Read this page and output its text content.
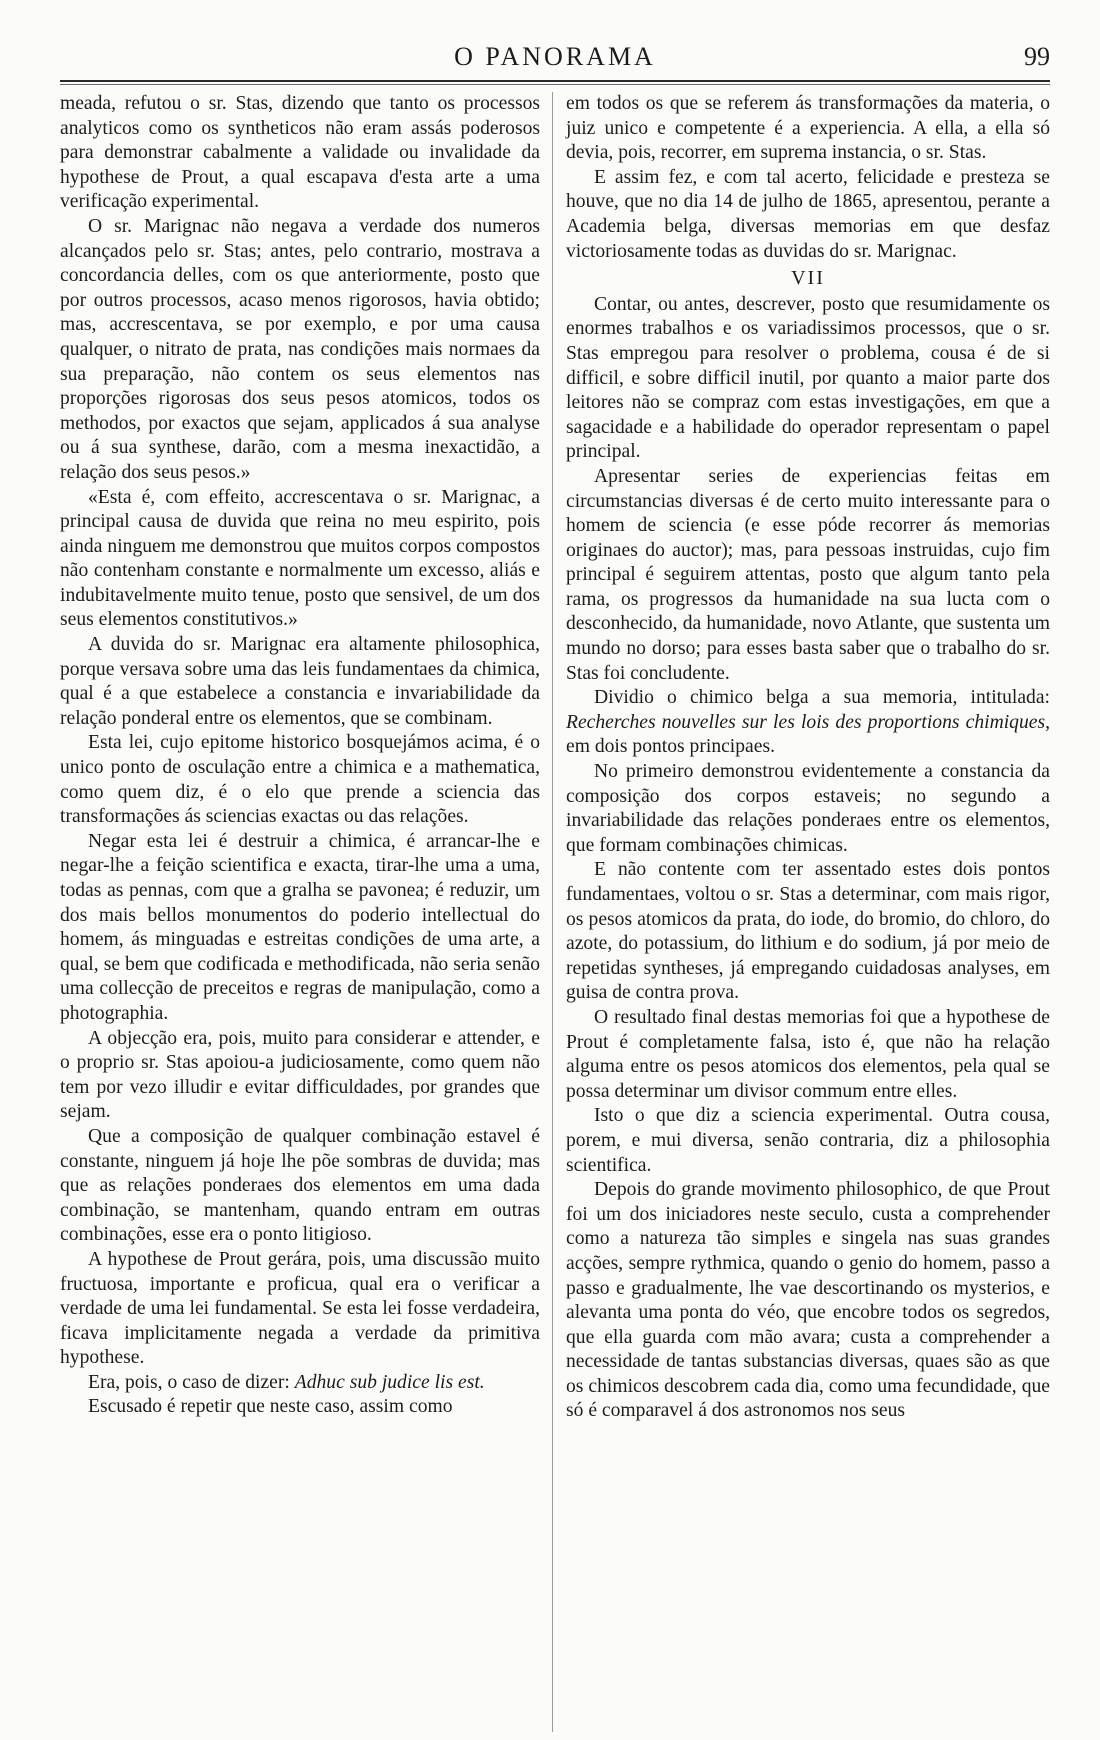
O PANORAMA	99

meada, refutou o sr. Stas, dizendo que tanto os processos analyticos como os syntheticos não eram assás poderosos para demonstrar cabalmente a validade ou invalidade da hypothese de Prout, a qual escapava d'esta arte a uma verificação experimental.

O sr. Marignac não negava a verdade dos numeros alcançados pelo sr. Stas; antes, pelo contrario, mostrava a concordancia delles, com os que anteriormente, posto que por outros processos, acaso menos rigorosos, havia obtido; mas, accrescentava, se por exemplo, e por uma causa qualquer, o nitrato de prata, nas condições mais normaes da sua preparação, não contem os seus elementos nas proporções rigorosas dos seus pesos atomicos, todos os methodos, por exactos que sejam, applicados á sua analyse ou á sua synthese, darão, com a mesma inexactidão, a relação dos seus pesos.»

«Esta é, com effeito, accrescentava o sr. Marignac, a principal causa de duvida que reina no meu espirito, pois ainda ninguem me demonstrou que muitos corpos compostos não contenham constante e normalmente um excesso, aliás e indubitavelmente muito tenue, posto que sensivel, de um dos seus elementos constitutivos.»

A duvida do sr. Marignac era altamente philosophica, porque versava sobre uma das leis fundamentaes da chimica, qual é a que estabelece a constancia e invariabilidade da relação ponderal entre os elementos, que se combinam.

Esta lei, cujo epitome historico bosquejámos acima, é o unico ponto de osculação entre a chimica e a mathematica, como quem diz, é o elo que prende a sciencia das transformações ás sciencias exactas ou das relações.

Negar esta lei é destruir a chimica, é arrancar-lhe e negar-lhe a feição scientifica e exacta, tirar-lhe uma a uma, todas as pennas, com que a gralha se pavonea; é reduzir, um dos mais bellos monumentos do poderio intellectual do homem, ás minguadas e estreitas condições de uma arte, a qual, se bem que codificada e methodificada, não seria senão uma collecção de preceitos e regras de manipulação, como a photographia.

A objecção era, pois, muito para considerar e attender, e o proprio sr. Stas apoiou-a judiciosamente, como quem não tem por vezo illudir e evitar difficuldades, por grandes que sejam.

Que a composição de qualquer combinação estavel é constante, ninguem já hoje lhe põe sombras de duvida; mas que as relações ponderaes dos elementos em uma dada combinação, se mantenham, quando entram em outras combinações, esse era o ponto litigioso.

A hypothese de Prout gerára, pois, uma discussão muito fructuosa, importante e proficua, qual era o verificar a verdade de uma lei fundamental. Se esta lei fosse verdadeira, ficava implicitamente negada a verdade da primitiva hypothese.

Era, pois, o caso de dizer: Adhuc sub judice lis est.

Escusado é repetir que neste caso, assim como

em todos os que se referem ás transformações da materia, o juiz unico e competente é a experiencia. A ella, a ella só devia, pois, recorrer, em suprema instancia, o sr. Stas.

E assim fez, e com tal acerto, felicidade e presteza se houve, que no dia 14 de julho de 1865, apresentou, perante a Academia belga, diversas memorias em que desfaz victoriosamente todas as duvidas do sr. Marignac.

VII

Contar, ou antes, descrever, posto que resumidamente os enormes trabalhos e os variadissimos processos, que o sr. Stas empregou para resolver o problema, cousa é de si difficil, e sobre difficil inutil, por quanto a maior parte dos leitores não se compraz com estas investigações, em que a sagacidade e a habilidade do operador representam o papel principal.

Apresentar series de experiencias feitas em circumstancias diversas é de certo muito interessante para o homem de sciencia (e esse póde recorrer ás memorias originaes do auctor); mas, para pessoas instruidas, cujo fim principal é seguirem attentas, posto que algum tanto pela rama, os progressos da humanidade na sua lucta com o desconhecido, da humanidade, novo Atlante, que sustenta um mundo no dorso; para esses basta saber que o trabalho do sr. Stas foi concludente.

Dividio o chimico belga a sua memoria, intitulada: Recherches nouvelles sur les lois des proportions chimiques, em dois pontos principaes.

No primeiro demonstrou evidentemente a constancia da composição dos corpos estaveis; no segundo a invariabilidade das relações ponderaes entre os elementos, que formam combinações chimicas.

E não contente com ter assentado estes dois pontos fundamentaes, voltou o sr. Stas a determinar, com mais rigor, os pesos atomicos da prata, do iode, do bromio, do chloro, do azote, do potassium, do lithium e do sodium, já por meio de repetidas syntheses, já empregando cuidadosas analyses, em guisa de contra prova.

O resultado final destas memorias foi que a hypothese de Prout é completamente falsa, isto é, que não ha relação alguma entre os pesos atomicos dos elementos, pela qual se possa determinar um divisor commum entre elles.

Isto o que diz a sciencia experimental. Outra cousa, porem, e mui diversa, senão contraria, diz a philosophia scientifica.

Depois do grande movimento philosophico, de que Prout foi um dos iniciadores neste seculo, custa a comprehender como a natureza tão simples e singela nas suas grandes acções, sempre rythmica, quando o genio do homem, passo a passo e gradualmente, lhe vae descortinando os mysterios, e alevanta uma ponta do véo, que encobre todos os segredos, que ella guarda com mão avara; custa a comprehender a necessidade de tantas substancias diversas, quaes são as que os chimicos descobrem cada dia, como uma fecundidade, que só é comparavel á dos astronomos nos seus
